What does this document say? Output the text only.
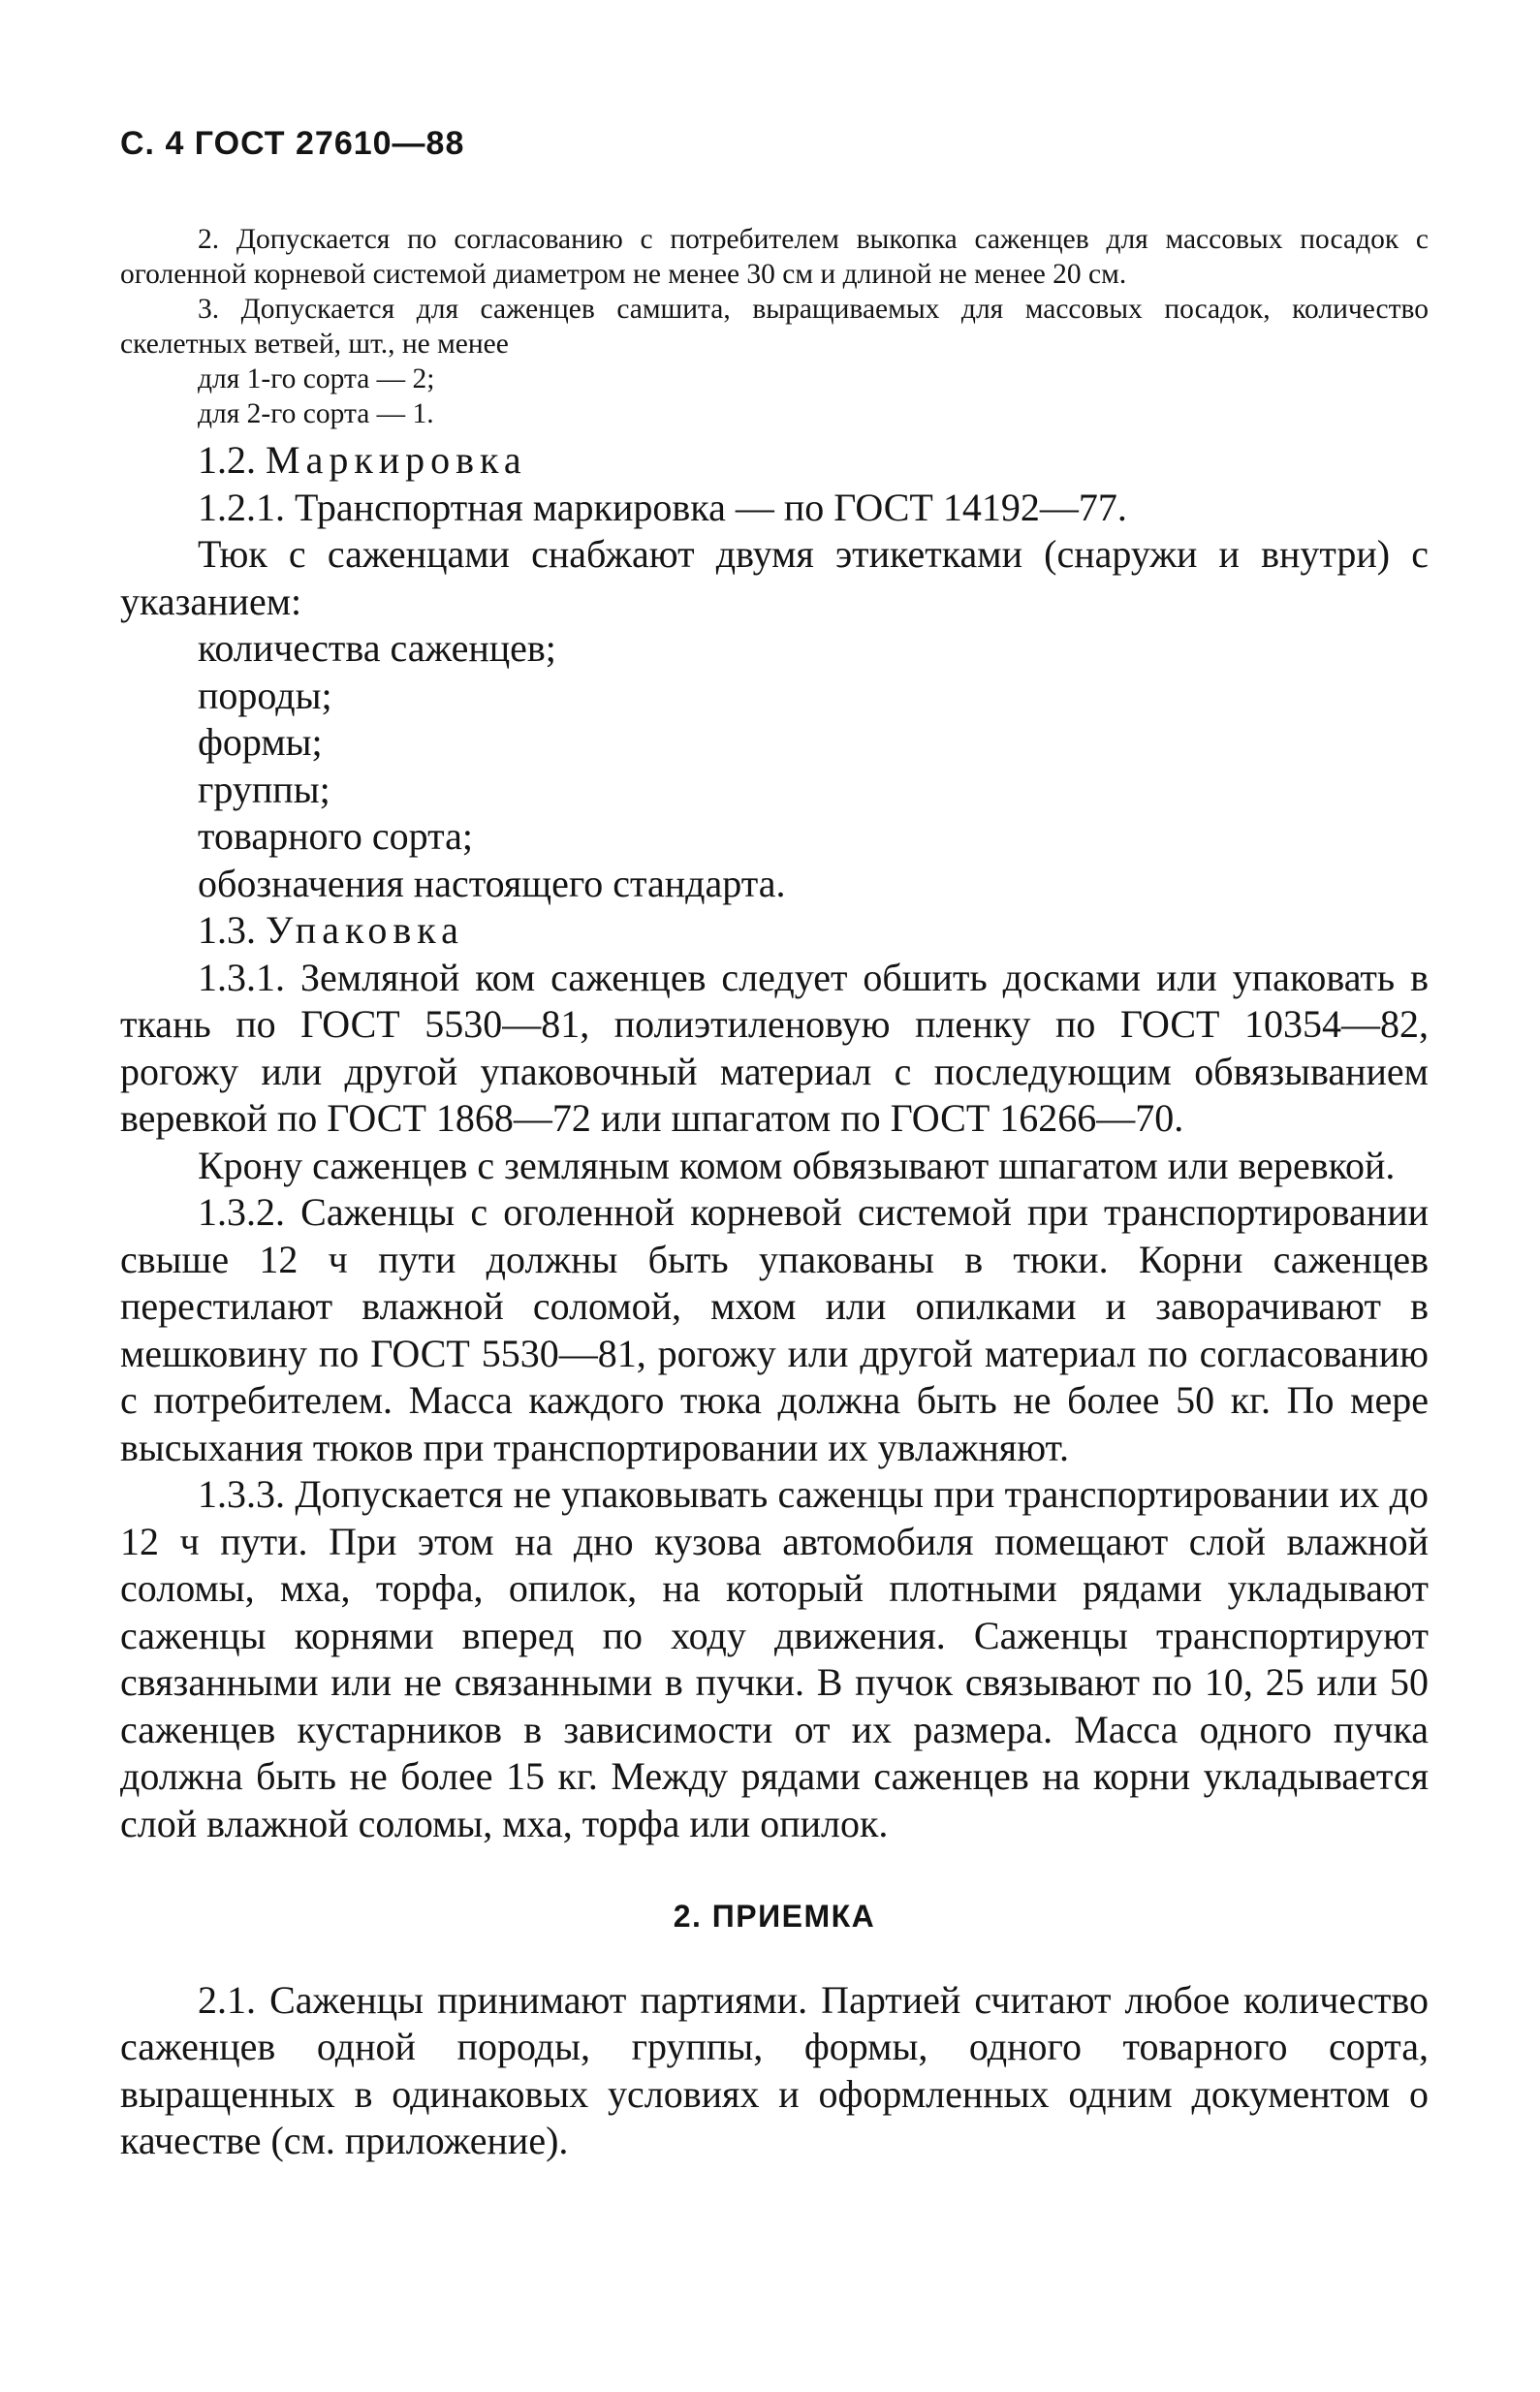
С. 4 ГОСТ 27610—88

2. Допускается по согласованию с потребителем выкопка саженцев для массовых посадок с оголенной корневой системой диаметром не менее 30 см и длиной не менее 20 см.

3. Допускается для саженцев самшита, выращиваемых для массовых посадок, количество скелетных ветвей, шт., не менее

для 1-го сорта — 2;

для 2-го сорта — 1.

1.2. Маркировка

1.2.1. Транспортная маркировка — по ГОСТ 14192—77.

Тюк с саженцами снабжают двумя этикетками (снаружи и внутри) с указанием:

количества саженцев;

породы;

формы;

группы;

товарного сорта;

обозначения настоящего стандарта.

1.3. Упаковка

1.3.1. Земляной ком саженцев следует обшить досками или упаковать в ткань по ГОСТ 5530—81, полиэтиленовую пленку по ГОСТ 10354—82, рогожу или другой упаковочный материал с последующим обвязыванием веревкой по ГОСТ 1868—72 или шпагатом по ГОСТ 16266—70.

Крону саженцев с земляным комом обвязывают шпагатом или веревкой.

1.3.2. Саженцы с оголенной корневой системой при транспортировании свыше 12 ч пути должны быть упакованы в тюки. Корни саженцев перестилают влажной соломой, мхом или опилками и заворачивают в мешковину по ГОСТ 5530—81, рогожу или другой материал по согласованию с потребителем. Масса каждого тюка должна быть не более 50 кг. По мере высыхания тюков при транспортировании их увлажняют.

1.3.3. Допускается не упаковывать саженцы при транспортировании их до 12 ч пути. При этом на дно кузова автомобиля помещают слой влажной соломы, мха, торфа, опилок, на который плотными рядами укладывают саженцы корнями вперед по ходу движения. Саженцы транспортируют связанными или не связанными в пучки. В пучок связывают по 10, 25 или 50 саженцев кустарников в зависимости от их размера. Масса одного пучка должна быть не более 15 кг. Между рядами саженцев на корни укладывается слой влажной соломы, мха, торфа или опилок.

2. ПРИЕМКА

2.1. Саженцы принимают партиями. Партией считают любое количество саженцев одной породы, группы, формы, одного товарного сорта, выращенных в одинаковых условиях и оформленных одним документом о качестве (см. приложение).
